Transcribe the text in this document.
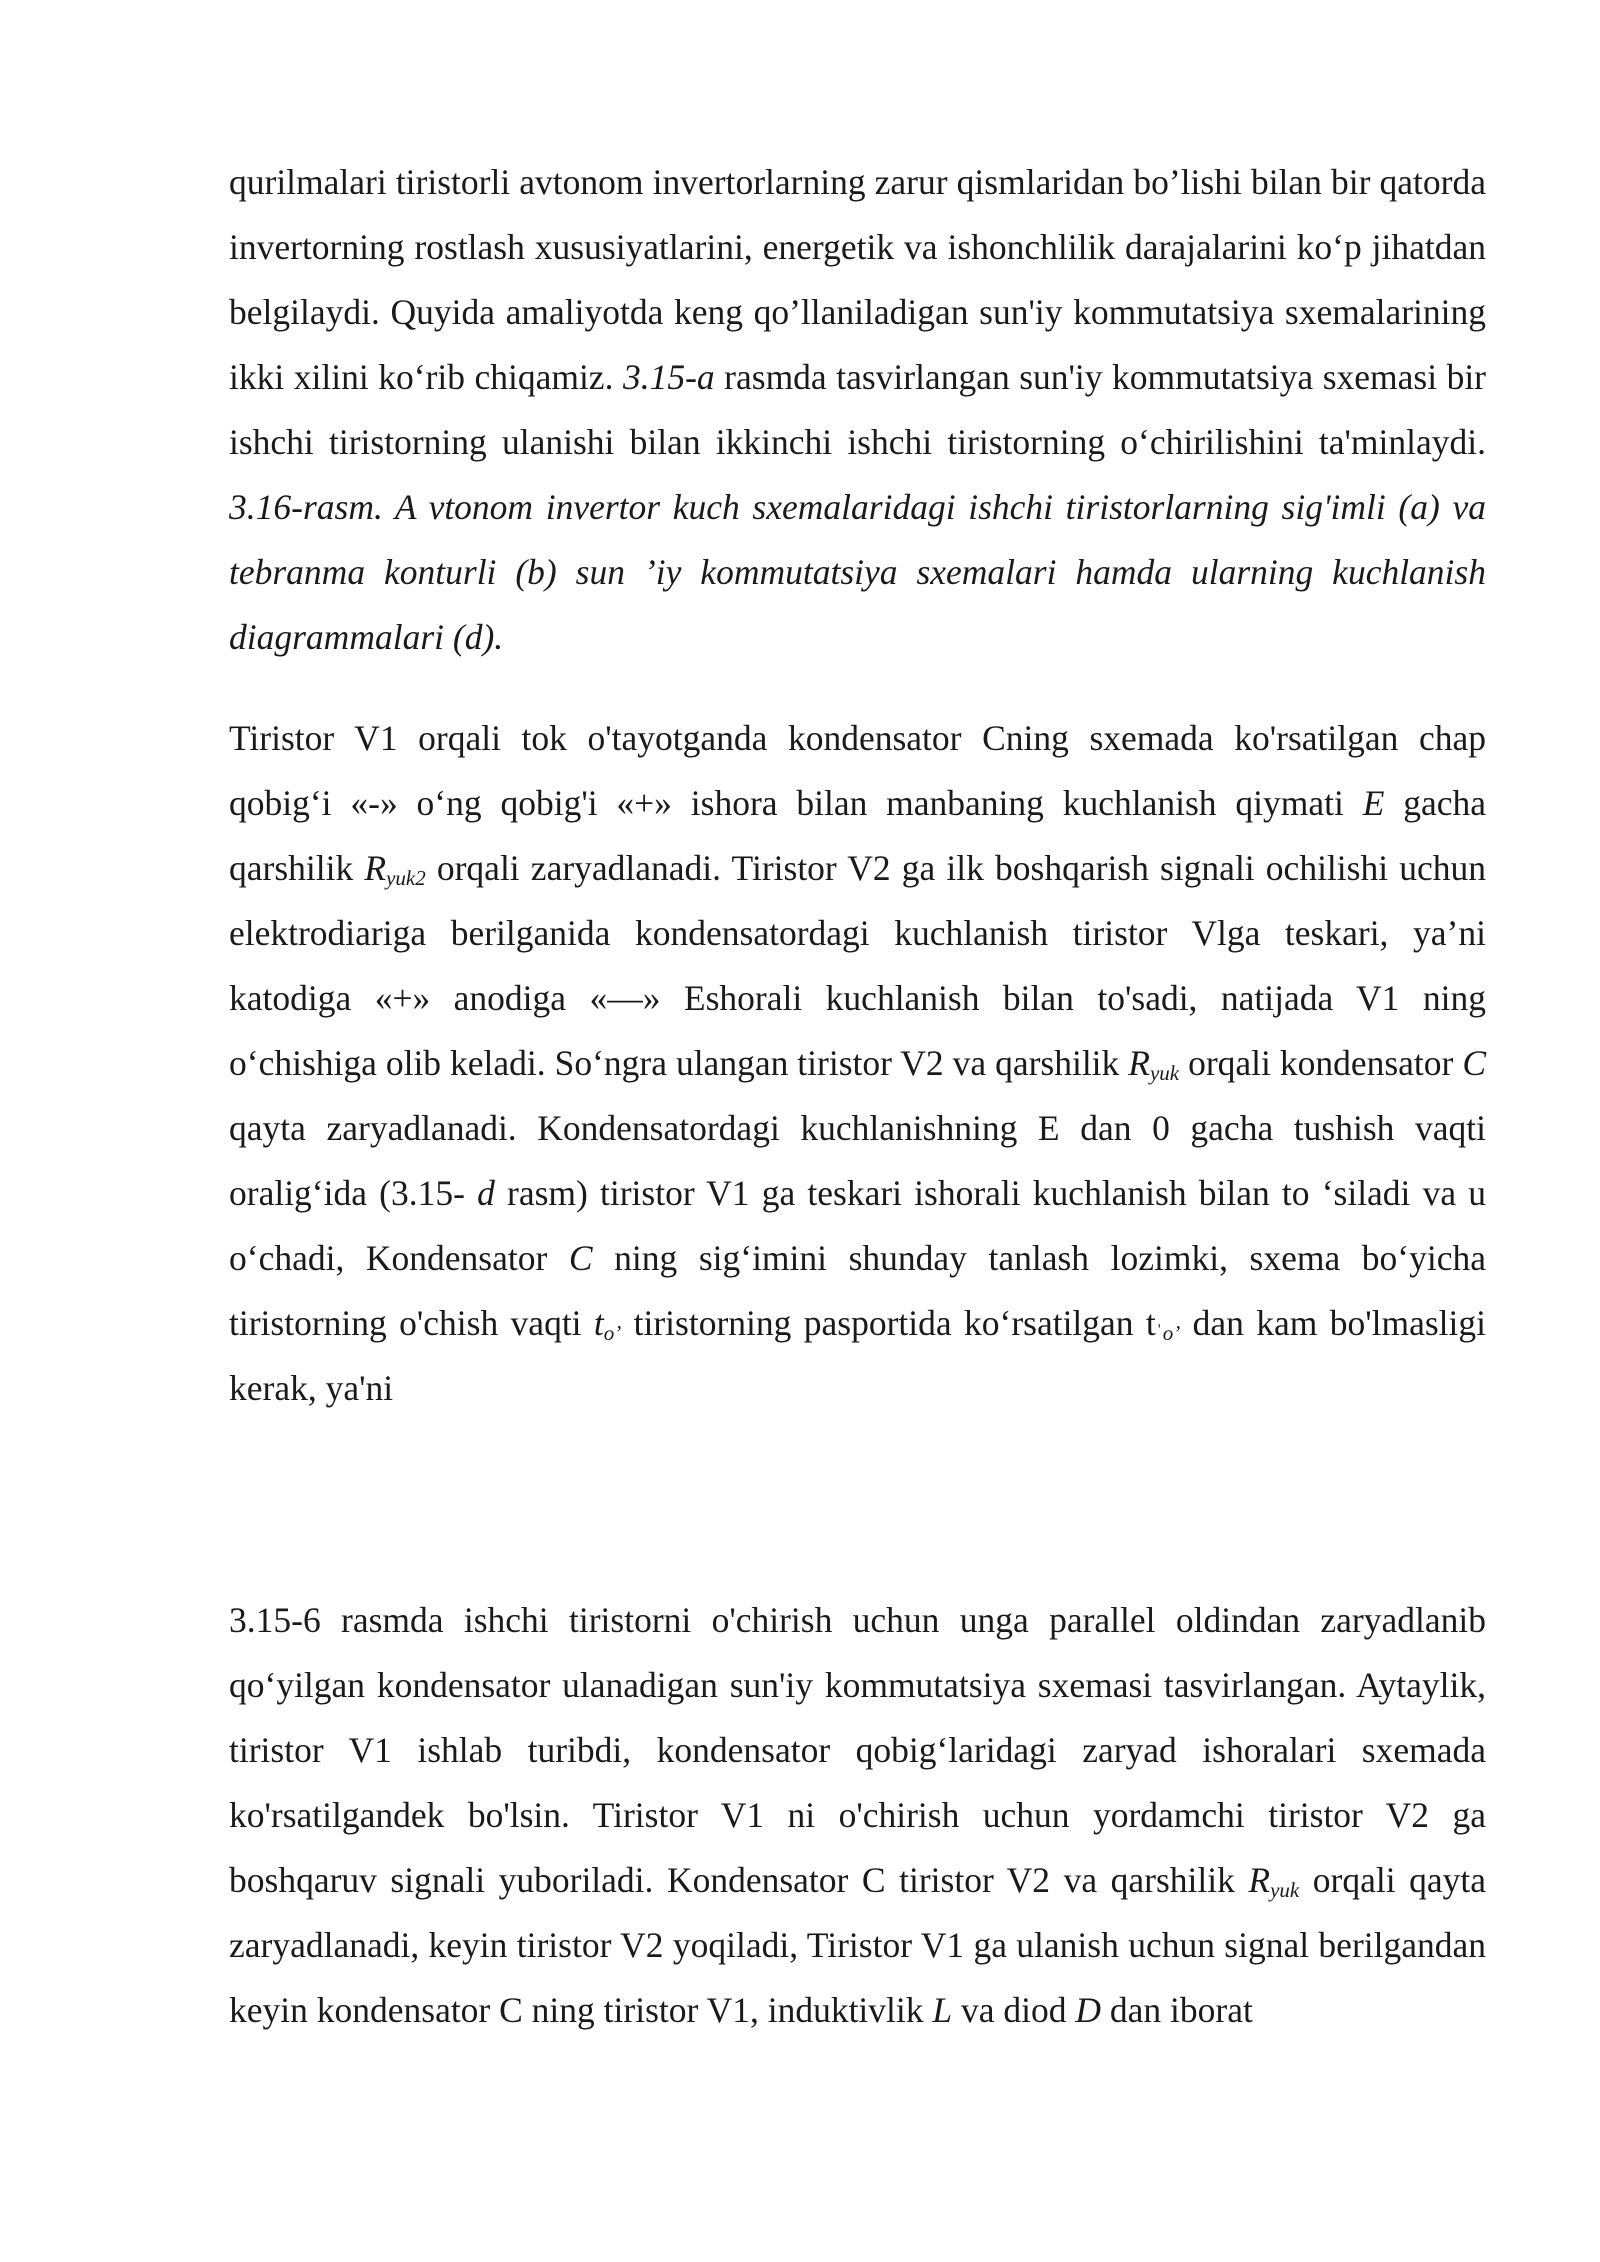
qurilmalari tiristorli avtonom invertorlarning zarur qismlaridan bo’lishi bilan bir qatorda invertorning rostlash xususiyatlarini, energetik va ishonchlilik darajalarini ko‘p jihatdan belgilaydi. Quyida amaliyotda keng qo’llaniladigan sun'iy kommutatsiya sxemalarining ikki xilini ko‘rib chiqamiz. 3.15-a rasmda tasvirlangan sun'iy kommutatsiya sxemasi bir ishchi tiristorning ulanishi bilan ikkinchi ishchi tiristorning o‘chirilishini ta'minlaydi. 3.16-rasm. A vtonom invertor kuch sxemalaridagi ishchi tiristorlarning sig'imli (a) va tebranma konturli (b) sun ’iy kommutatsiya sxemalari hamda ularning kuchlanish diagrammalari (d).

Tiristor V1 orqali tok o'tayotganda kondensator Cning sxemada ko'rsatilgan chap qobig‘i «-» o‘ng qobig'i «+» ishora bilan manbaning kuchlanish qiymati E gacha qarshilik $R_{yuk2}$ orqali zaryadlanadi. Tiristor V2 ga ilk boshqarish signali ochilishi uchun elektrodiariga berilganida kondensatordagi kuchlanish tiristor Vlga teskari, ya’ni katodiga «+» anodiga «—» Eshorali kuchlanish bilan to'sadi, natijada V1 ning o‘chishiga olib keladi. So‘ngra ulangan tiristor V2 va qarshilik $R_{yuk}$ orqali kondensator C qayta zaryadlanadi. Kondensatordagi kuchlanishning E dan 0 gacha tushish vaqti oralig‘ida (3.15- d rasm) tiristor V1 ga teskari ishorali kuchlanish bilan to ‘siladi va u o‘chadi, Kondensator C ning sig‘imini shunday tanlash lozimki, sxema bo‘yicha tiristorning o'chish vaqti $t_{o’}$ tiristorning pasportida ko‘rsatilgan tˈ$_{o’}$ dan kam bo'lmasligi kerak, ya'ni

3.15-6 rasmda ishchi tiristorni o'chirish uchun unga parallel oldindan zaryadlanib qo‘yilgan kondensator ulanadigan sun'iy kommutatsiya sxemasi tasvirlangan. Aytaylik, tiristor V1 ishlab turibdi, kondensator qobig‘laridagi zaryad ishoralari sxemada ko'rsatilgandek bo'lsin. Tiristor V1 ni o'chirish uchun yordamchi tiristor V2 ga boshqaruv signali yuboriladi. Kondensator C tiristor V2 va qarshilik $R_{yuk}$ orqali qayta zaryadlanadi, keyin tiristor V2 yoqiladi, Tiristor V1 ga ulanish uchun signal berilgandan keyin kondensator C ning tiristor V1, induktivlik L va diod D dan iborat
